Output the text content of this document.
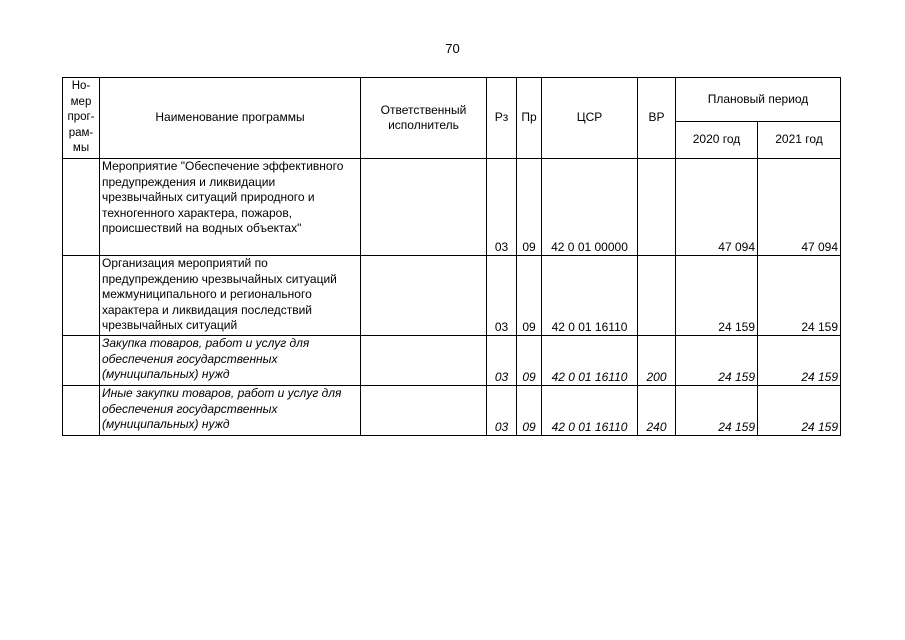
70
Но-
мер
прог-
рам-
мы	Наименование программы	Ответственный исполнитель	Рз	Пр	ЦСР	ВР	Плановый период	
							2020 год	2021 год
	Мероприятие "Обеспечение эффективного предупреждения и ликвидации чрезвычайных ситуаций природного и техногенного характера, пожаров, происшествий на водных объектах"		03	09	42 0 01 00000		47 094	47 094
	Организация мероприятий по предупреждению чрезвычайных ситуаций межмуниципального и регионального характера и ликвидация последствий чрезвычайных ситуаций		03	09	42 0 01 16110		24 159	24 159
	Закупка товаров, работ и услуг для обеспечения государственных (муниципальных) нужд		03	09	42 0 01 16110	200	24 159	24 159
	Иные закупки товаров, работ и услуг для обеспечения государственных (муниципальных) нужд		03	09	42 0 01 16110	240	24 159	24 159
